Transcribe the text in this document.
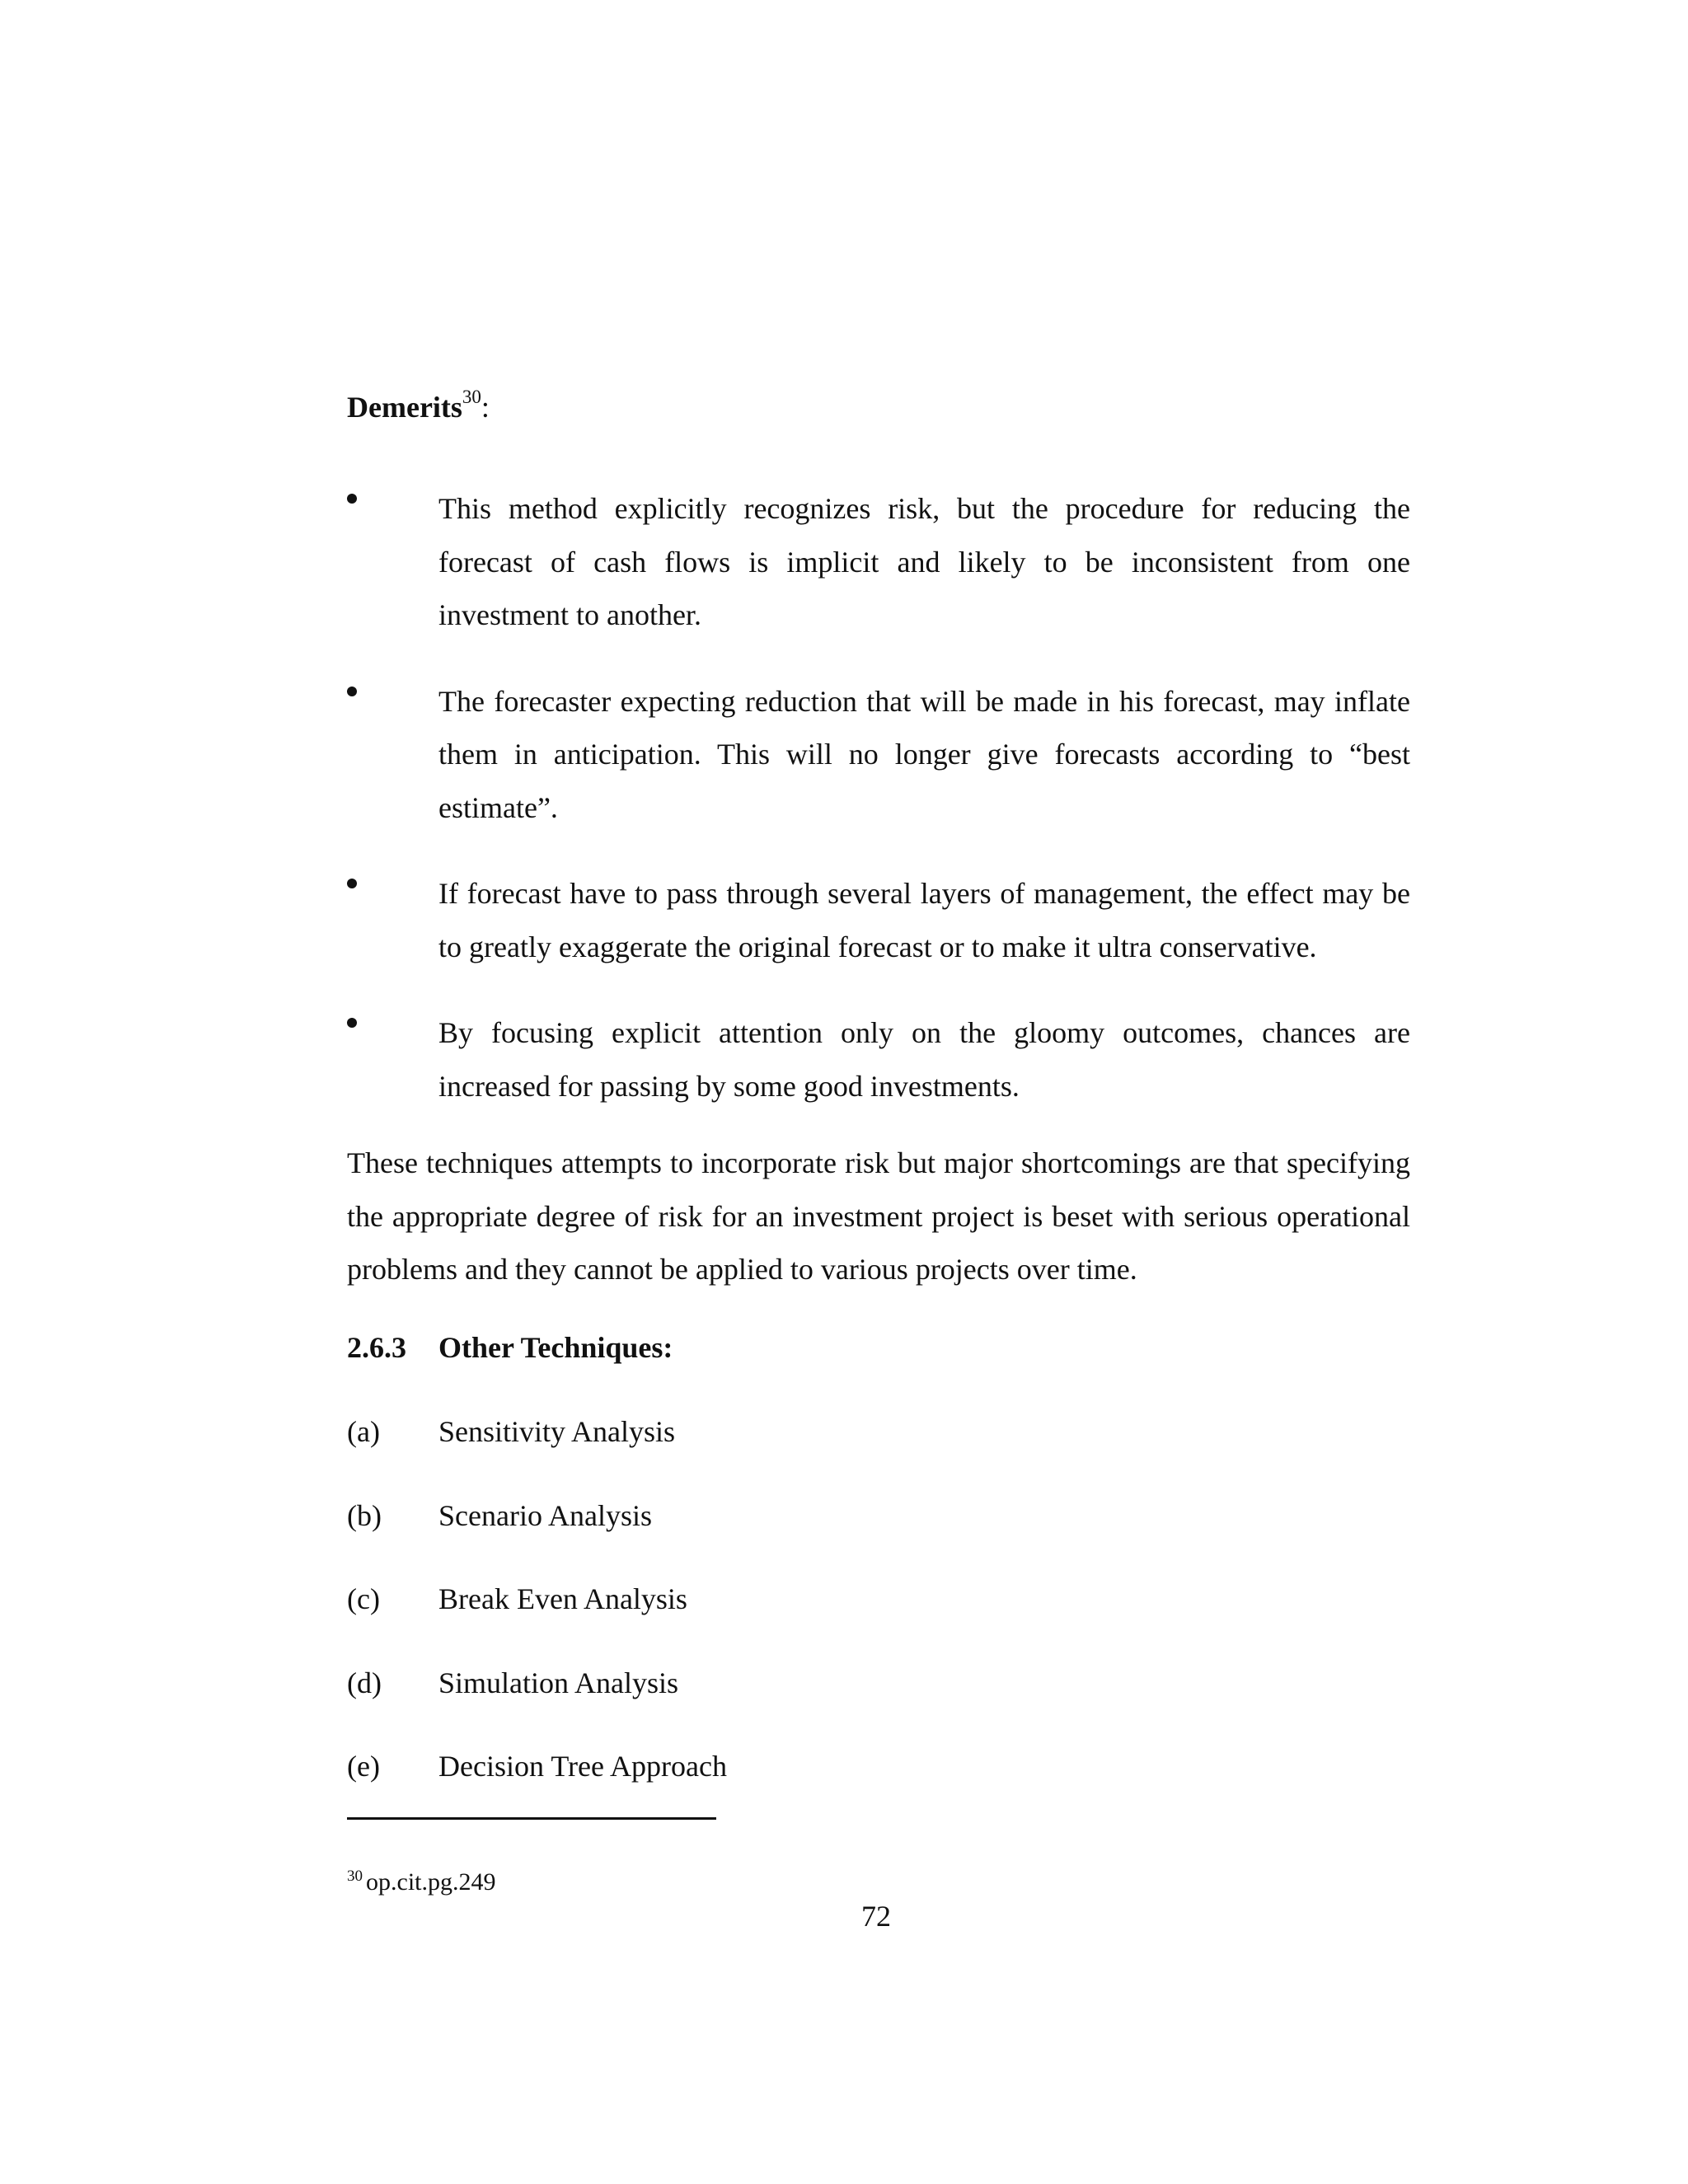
Demerits$^{30}$:
This method explicitly recognizes risk, but the procedure for reducing the forecast of cash flows is implicit and likely to be inconsistent from one investment to another.
The forecaster expecting reduction that will be made in his forecast, may inflate them in anticipation. This will no longer give forecasts according to “best estimate”.
If forecast have to pass through several layers of management, the effect may be to greatly exaggerate the original forecast or to make it ultra conservative.
By focusing explicit attention only on the gloomy outcomes, chances are increased for passing by some good investments.
These techniques attempts to incorporate risk but major shortcomings are that specifying the appropriate degree of risk for an investment project is beset with serious operational problems and they cannot be applied to various projects over time.
2.6.3 Other Techniques:
(a) Sensitivity Analysis
(b) Scenario Analysis
(c) Break Even Analysis
(d) Simulation Analysis
(e) Decision Tree Approach
$^{30}$ op.cit.pg.249
72
